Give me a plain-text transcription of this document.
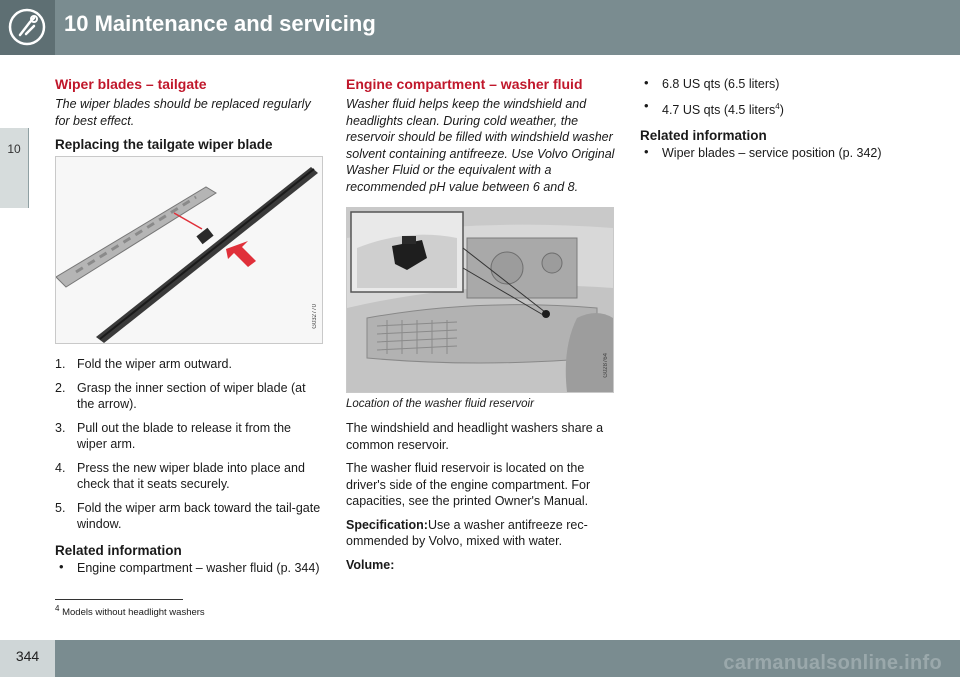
10 Maintenance and servicing
10
Wiper blades – tailgate

The wiper blades should be replaced regularly for best effect.

Replacing the tailgate wiper blade
G032770
1. Fold the wiper arm outward.
2. Grasp the inner section of wiper blade (at the arrow).
3. Pull out the blade to release it from the wiper arm.
4. Press the new wiper blade into place and check that it seats securely.
5. Fold the wiper arm back toward the tail-gate window.
Related information
• Engine compartment – washer fluid (p. 344)
Engine compartment – washer fluid

Washer fluid helps keep the windshield and headlights clean. During cold weather, the reservoir should be filled with windshield washer solvent containing antifreeze. Use Volvo Original Washer Fluid or the equivalent with a recommended pH value between 6 and 8.

G028764
Location of the washer fluid reservoir

The windshield and headlight washers share a common reservoir.

The washer fluid reservoir is located on the driver's side of the engine compartment. For capacities, see the printed Owner's Manual.

Specification:Use a washer antifreeze rec-ommended by Volvo, mixed with water.

Volume:

• 6.8 US qts (6.5 liters)
• 4.7 US qts (4.5 liters$^4$)
Related information
• Wiper blades – service position (p. 342)
$^4$ Models without headlight washers
344	carmanualsonline.info
